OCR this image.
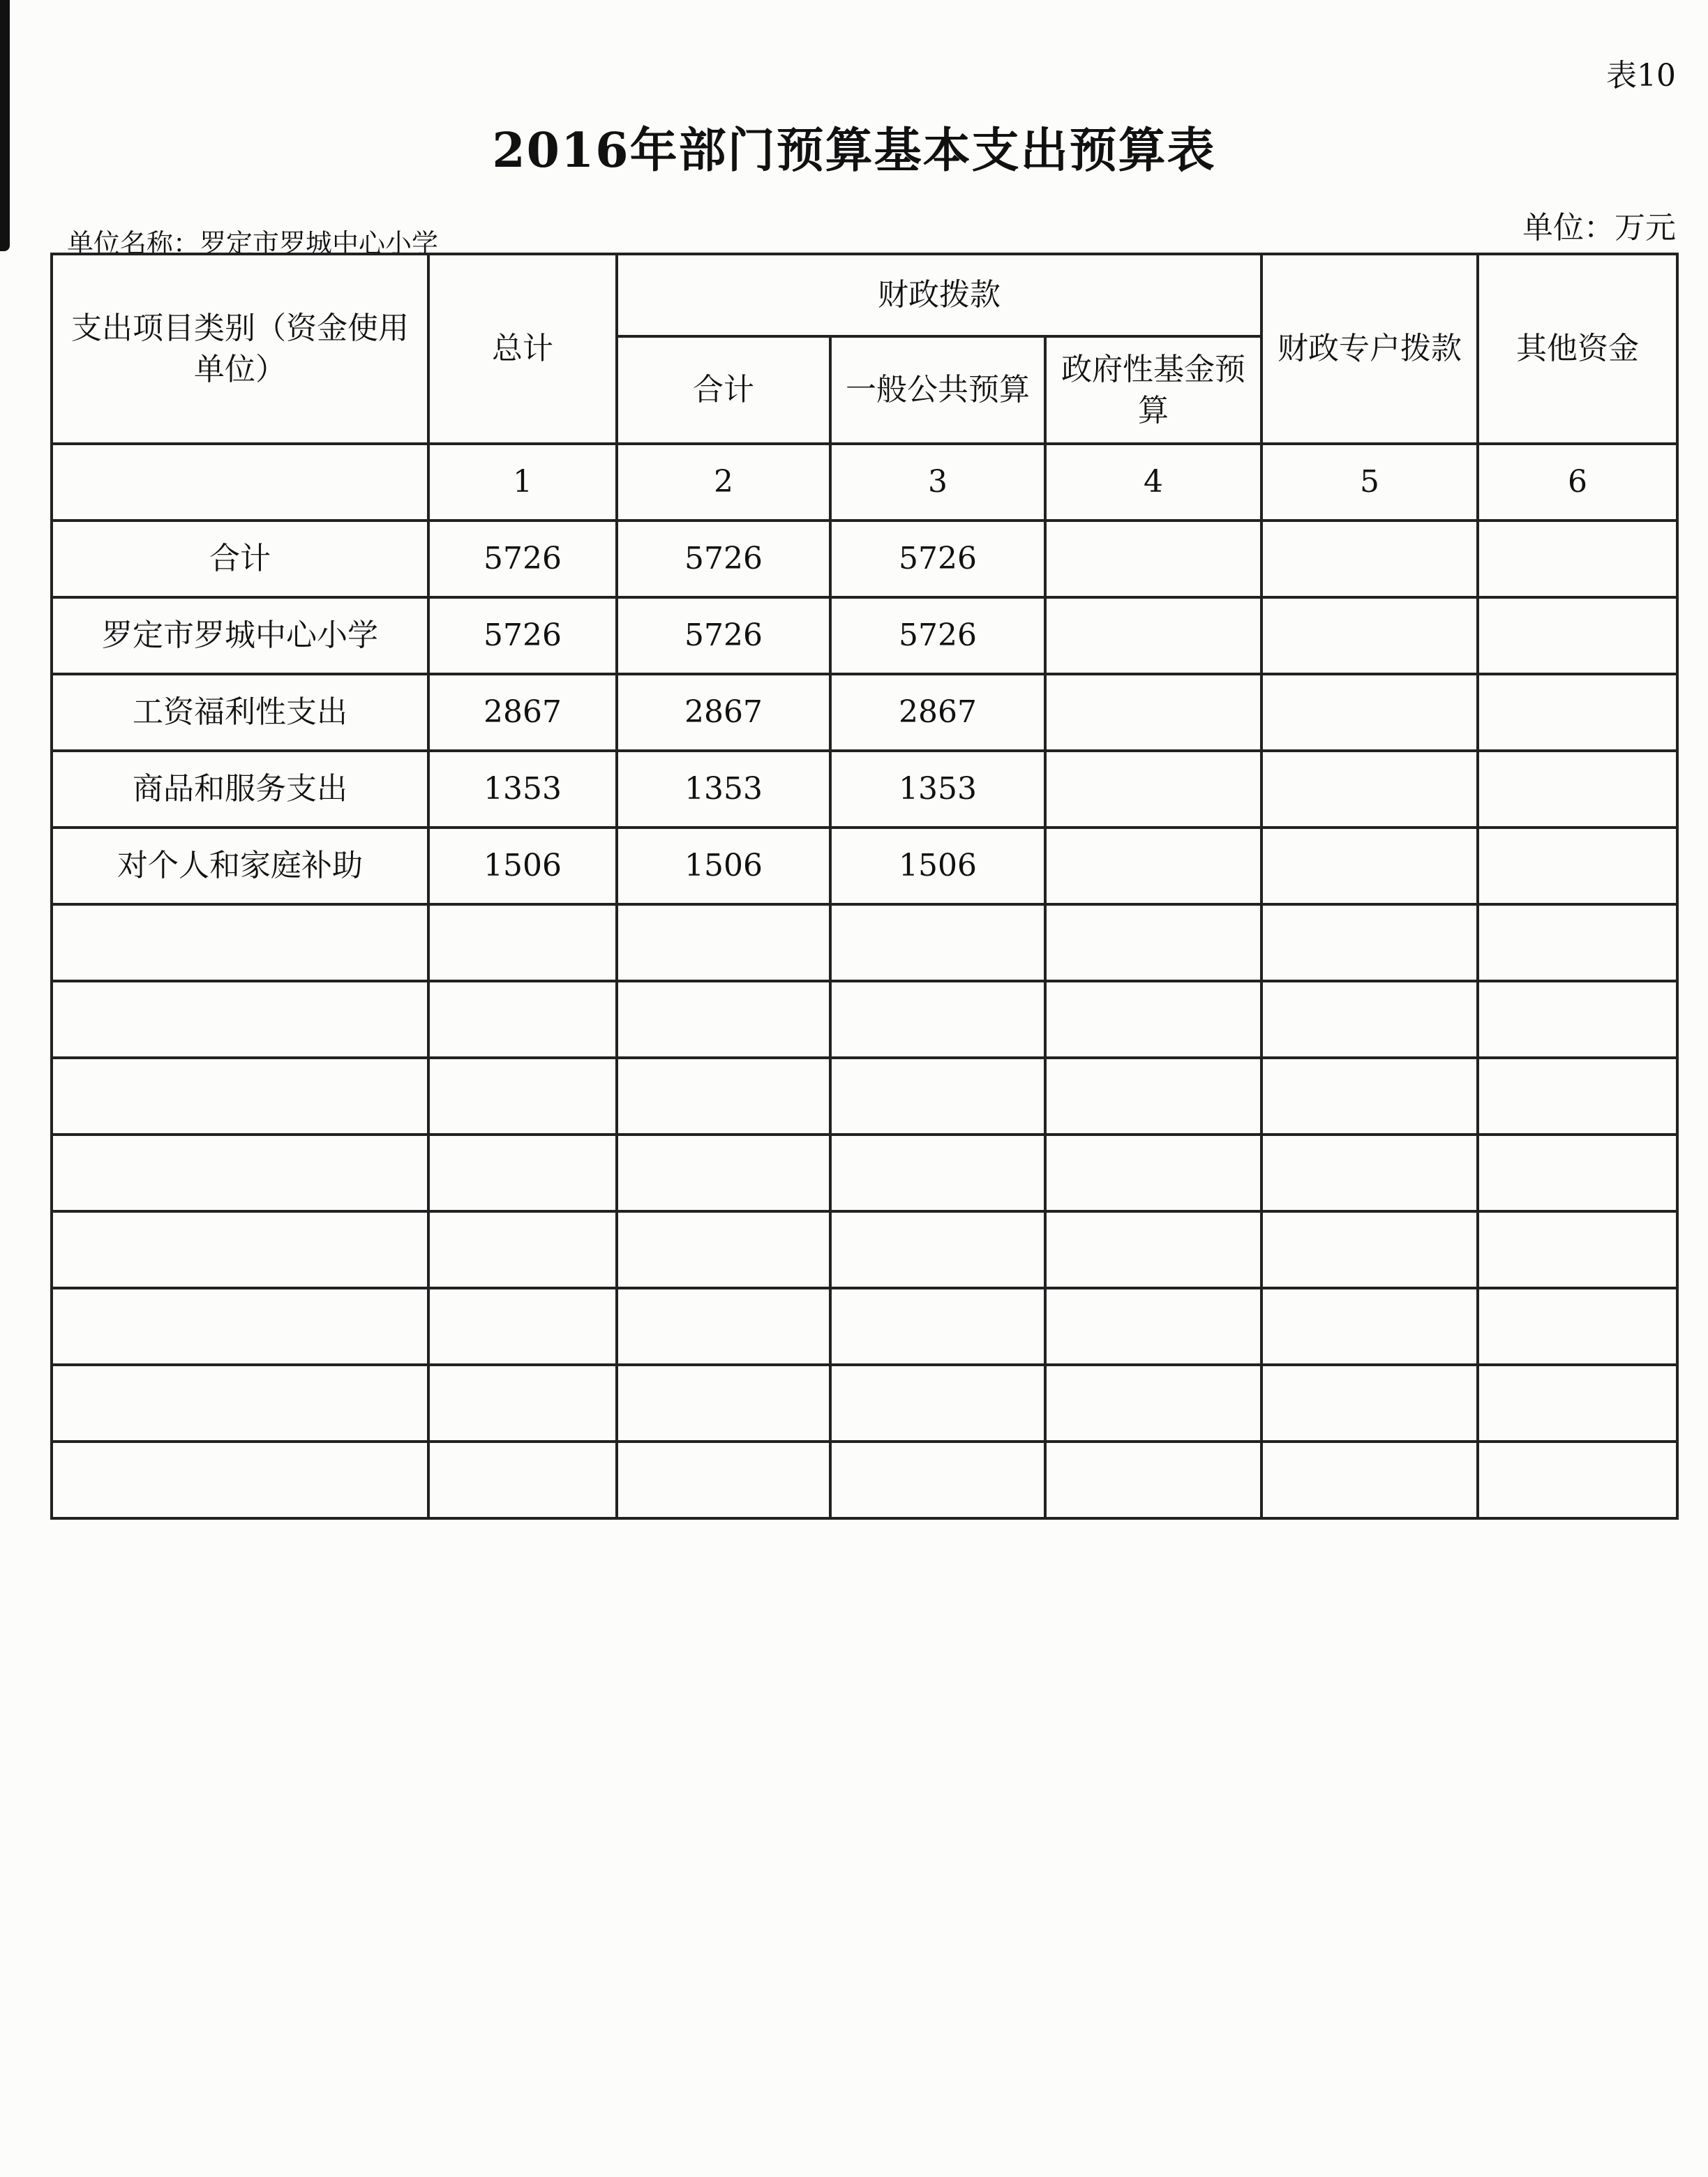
表10
2016年部门预算基本支出预算表
单位名称：罗定市罗城中心小学	单位：万元
支出项目类别（资金使用单位）	总计	财政拨款			财政专户拨款	其他资金
		合计	一般公共预算	政府性基金预算		
	1	2	3	4	5	6
合计	5726	5726	5726			
罗定市罗城中心小学	5726	5726	5726			
工资福利性支出	2867	2867	2867			
商品和服务支出	1353	1353	1353			
对个人和家庭补助	1506	1506	1506			
